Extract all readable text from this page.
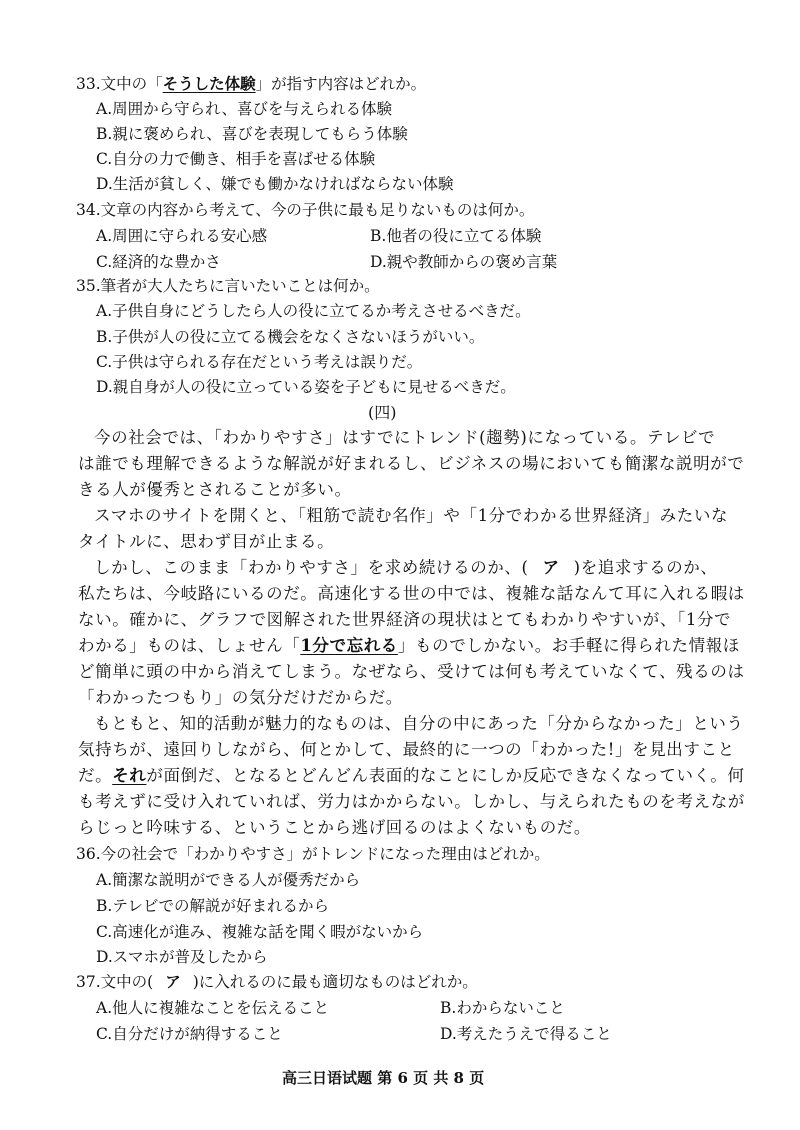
33.文中の「そうした体験」が指す内容はどれか。
A.周囲から守られ、喜びを与えられる体験
B.親に褒められ、喜びを表現してもらう体験
C.自分の力で働き、相手を喜ばせる体験
D.生活が貧しく、嫌でも働かなければならない体験
34.文章の内容から考えて、今の子供に最も足りないものは何か。
A.周囲に守られる安心感	B.他者の役に立てる体験
C.経済的な豊かさ	D.親や教師からの褒め言葉
35.筆者が大人たちに言いたいことは何か。
A.子供自身にどうしたら人の役に立てるか考えさせるべきだ。
B.子供が人の役に立てる機会をなくさないほうがいい。
C.子供は守られる存在だという考えは誤りだ。
D.親自身が人の役に立っている姿を子どもに見せるべきだ。
(四)
今の社会では、「わかりやすさ」はすでにトレンド(趨勢)になっている。テレビで
は誰でも理解できるような解説が好まれるし、ビジネスの場においても簡潔な説明がで
きる人が優秀とされることが多い。
スマホのサイトを開くと、「粗筋で読む名作」や「1分でわかる世界経済」みたいな
タイトルに、思わず目が止まる。
しかし、このまま「わかりやすさ」を求め続けるのか、( ア )を追求するのか、
私たちは、今岐路にいるのだ。高速化する世の中では、複雑な話なんて耳に入れる暇は
ない。確かに、グラフで図解された世界経済の現状はとてもわかりやすいが、「1分で
わかる」ものは、しょせん「1分で忘れる」ものでしかない。お手軽に得られた情報ほ
ど簡単に頭の中から消えてしまう。なぜなら、受けては何も考えていなくて、残るのは
「わかったつもり」の気分だけだからだ。
もともと、知的活動が魅力的なものは、自分の中にあった「分からなかった」という
気持ちが、遠回りしながら、何とかして、最終的に一つの「わかった!」を見出すこと
だ。それが面倒だ、となるとどんどん表面的なことにしか反応できなくなっていく。何
も考えずに受け入れていれば、労力はかからない。しかし、与えられたものを考えなが
らじっと吟味する、ということから逃げ回るのはよくないものだ。
36.今の社会で「わかりやすさ」がトレンドになった理由はどれか。
A.簡潔な説明ができる人が優秀だから
B.テレビでの解説が好まれるから
C.高速化が進み、複雑な話を聞く暇がないから
D.スマホが普及したから
37.文中の( ア )に入れるのに最も適切なものはどれか。
A.他人に複雑なことを伝えること	B.わからないこと
C.自分だけが納得すること	D.考えたうえで得ること
高三日语试题 第 6 页 共 8 页
